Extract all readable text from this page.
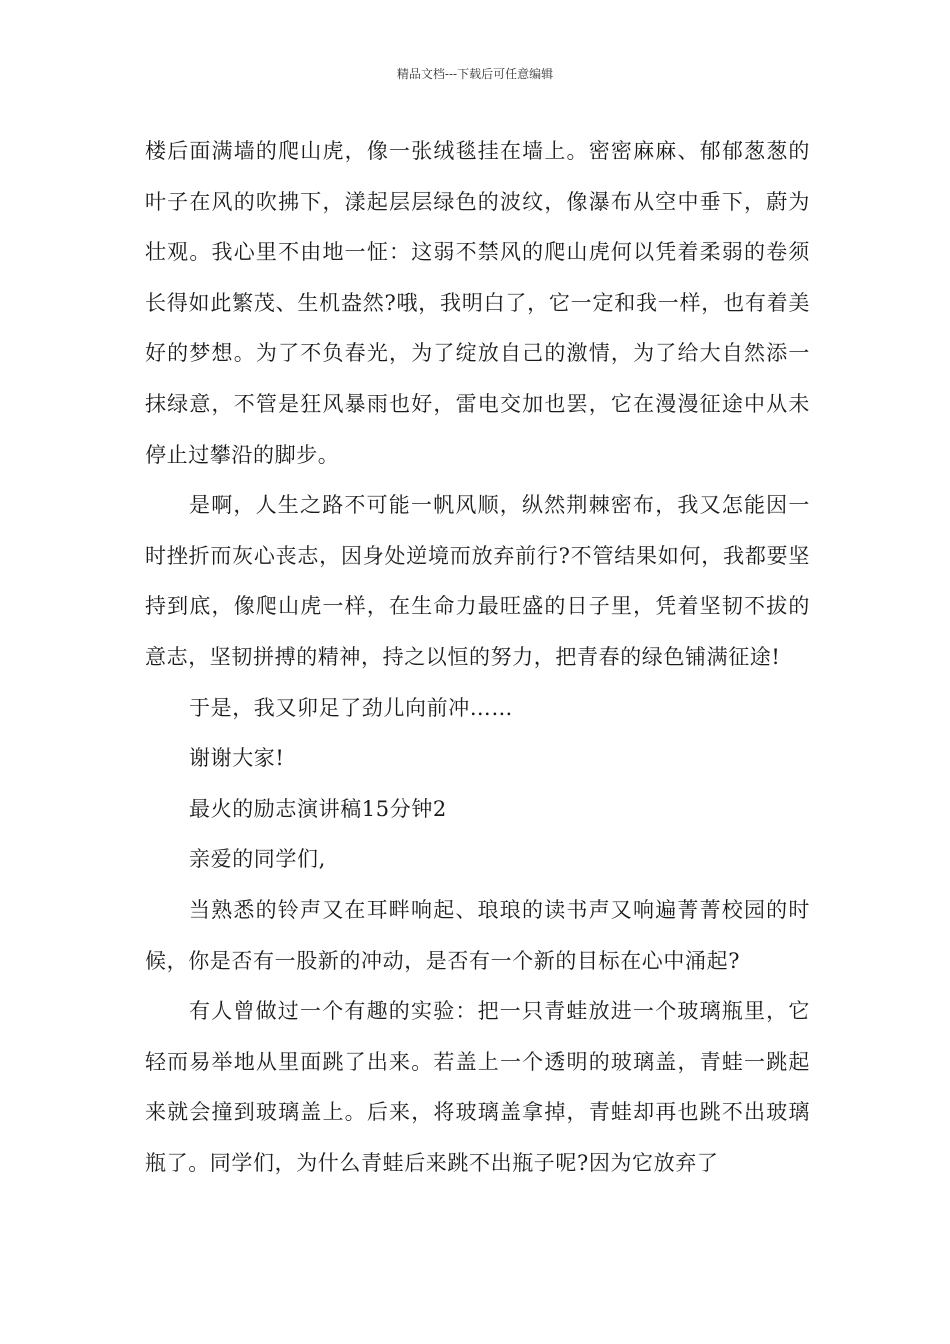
精品文档---下载后可任意编辑

楼后面满墙的爬山虎，像一张绒毯挂在墙上。密密麻麻、郁郁葱葱的叶子在风的吹拂下，漾起层层绿色的波纹，像瀑布从空中垂下，蔚为壮观。我心里不由地一怔：这弱不禁风的爬山虎何以凭着柔弱的卷须长得如此繁茂、生机盎然?哦，我明白了，它一定和我一样，也有着美好的梦想。为了不负春光，为了绽放自己的激情，为了给大自然添一抹绿意，不管是狂风暴雨也好，雷电交加也罢，它在漫漫征途中从未停止过攀沿的脚步。

是啊，人生之路不可能一帆风顺，纵然荆棘密布，我又怎能因一时挫折而灰心丧志，因身处逆境而放弃前行?不管结果如何，我都要坚持到底，像爬山虎一样，在生命力最旺盛的日子里，凭着坚韧不拔的意志，坚韧拼搏的精神，持之以恒的努力，把青春的绿色铺满征途!

于是，我又卯足了劲儿向前冲……

谢谢大家!

最火的励志演讲稿15分钟2

亲爱的同学们,

当熟悉的铃声又在耳畔响起、琅琅的读书声又响遍菁菁校园的时候，你是否有一股新的冲动，是否有一个新的目标在心中涌起?

有人曾做过一个有趣的实验：把一只青蛙放进一个玻璃瓶里，它轻而易举地从里面跳了出来。若盖上一个透明的玻璃盖，青蛙一跳起来就会撞到玻璃盖上。后来，将玻璃盖拿掉，青蛙却再也跳不出玻璃瓶了。同学们，为什么青蛙后来跳不出瓶子呢?因为它放弃了
